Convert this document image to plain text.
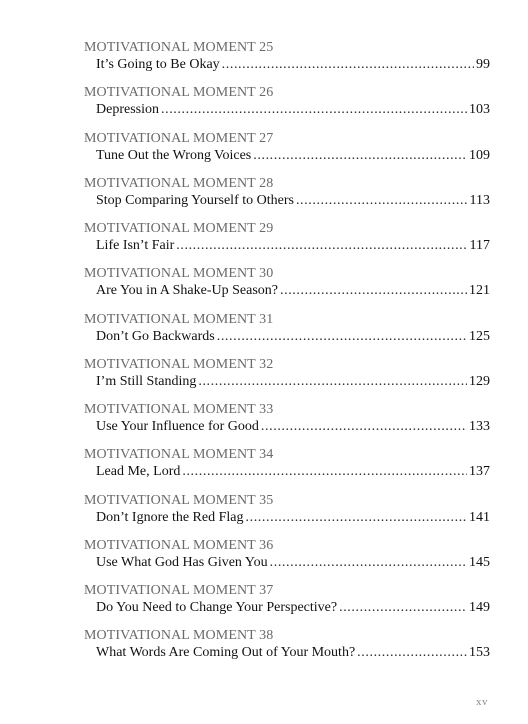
MOTIVATIONAL MOMENT 25
It’s Going to Be Okay .....	99
MOTIVATIONAL MOMENT 26
Depression .....	103
MOTIVATIONAL MOMENT 27
Tune Out the Wrong Voices .....	109
MOTIVATIONAL MOMENT 28
Stop Comparing Yourself to Others .....	113
MOTIVATIONAL MOMENT 29
Life Isn’t Fair .....	117
MOTIVATIONAL MOMENT 30
Are You in A Shake-Up Season? .....	121
MOTIVATIONAL MOMENT 31
Don’t Go Backwards .....	125
MOTIVATIONAL MOMENT 32
I’m Still Standing .....	129
MOTIVATIONAL MOMENT 33
Use Your Influence for Good .....	133
MOTIVATIONAL MOMENT 34
Lead Me, Lord .....	137
MOTIVATIONAL MOMENT 35
Don’t Ignore the Red Flag .....	141
MOTIVATIONAL MOMENT 36
Use What God Has Given You .....	145
MOTIVATIONAL MOMENT 37
Do You Need to Change Your Perspective? .....	149
MOTIVATIONAL MOMENT 38
What Words Are Coming Out of Your Mouth? .....	153
xv
